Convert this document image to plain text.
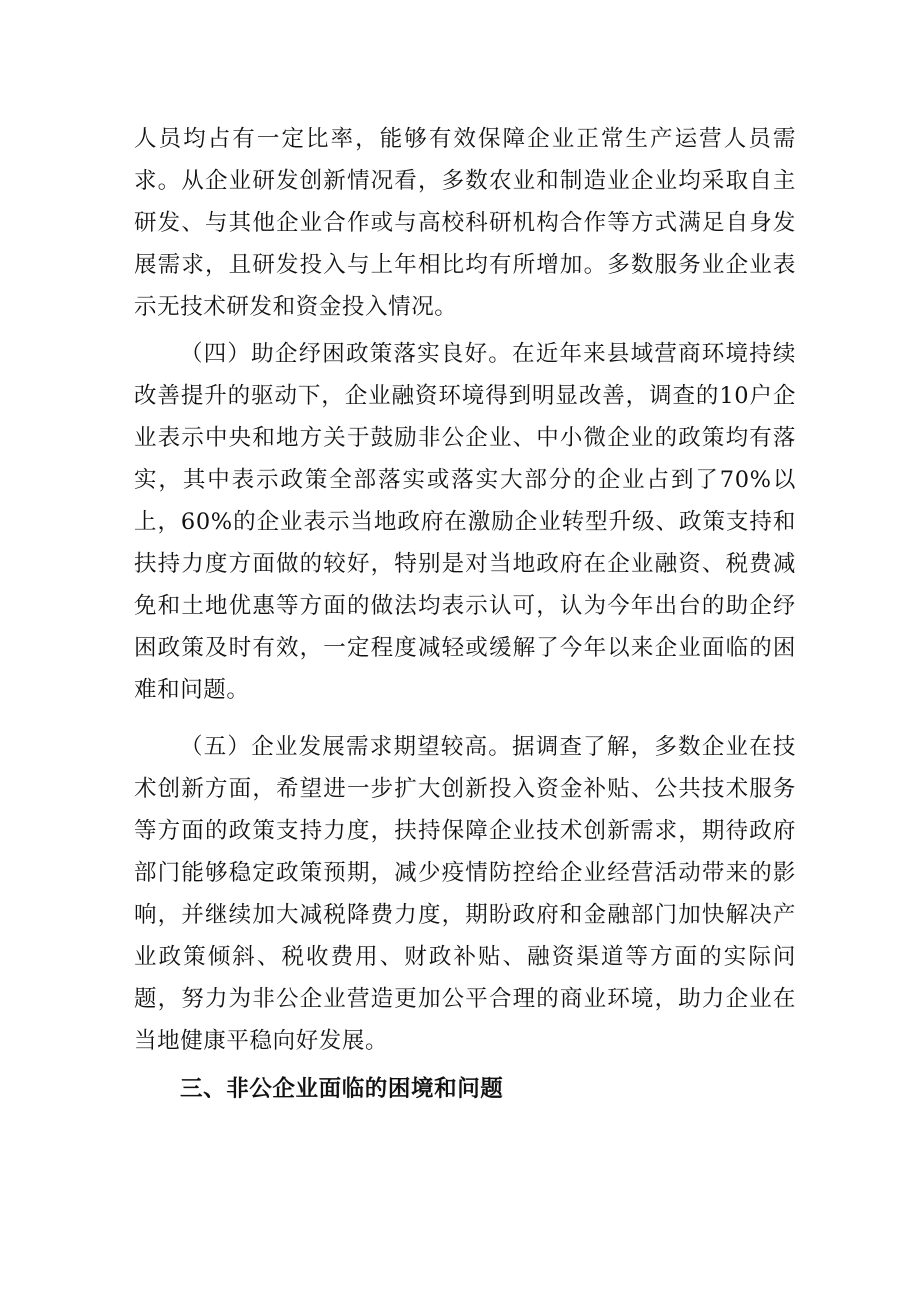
人员均占有一定比率，能够有效保障企业正常生产运营人员需求。从企业研发创新情况看，多数农业和制造业企业均采取自主研发、与其他企业合作或与高校科研机构合作等方式满足自身发展需求，且研发投入与上年相比均有所增加。多数服务业企业表示无技术研发和资金投入情况。

（四）助企纾困政策落实良好。在近年来县域营商环境持续改善提升的驱动下，企业融资环境得到明显改善，调查的10户企业表示中央和地方关于鼓励非公企业、中小微企业的政策均有落实，其中表示政策全部落实或落实大部分的企业占到了70%以上，60%的企业表示当地政府在激励企业转型升级、政策支持和扶持力度方面做的较好，特别是对当地政府在企业融资、税费减免和土地优惠等方面的做法均表示认可，认为今年出台的助企纾困政策及时有效，一定程度减轻或缓解了今年以来企业面临的困难和问题。

（五）企业发展需求期望较高。据调查了解，多数企业在技术创新方面，希望进一步扩大创新投入资金补贴、公共技术服务等方面的政策支持力度，扶持保障企业技术创新需求，期待政府部门能够稳定政策预期，减少疫情防控给企业经营活动带来的影响，并继续加大减税降费力度，期盼政府和金融部门加快解决产业政策倾斜、税收费用、财政补贴、融资渠道等方面的实际问题，努力为非公企业营造更加公平合理的商业环境，助力企业在当地健康平稳向好发展。

三、非公企业面临的困境和问题
